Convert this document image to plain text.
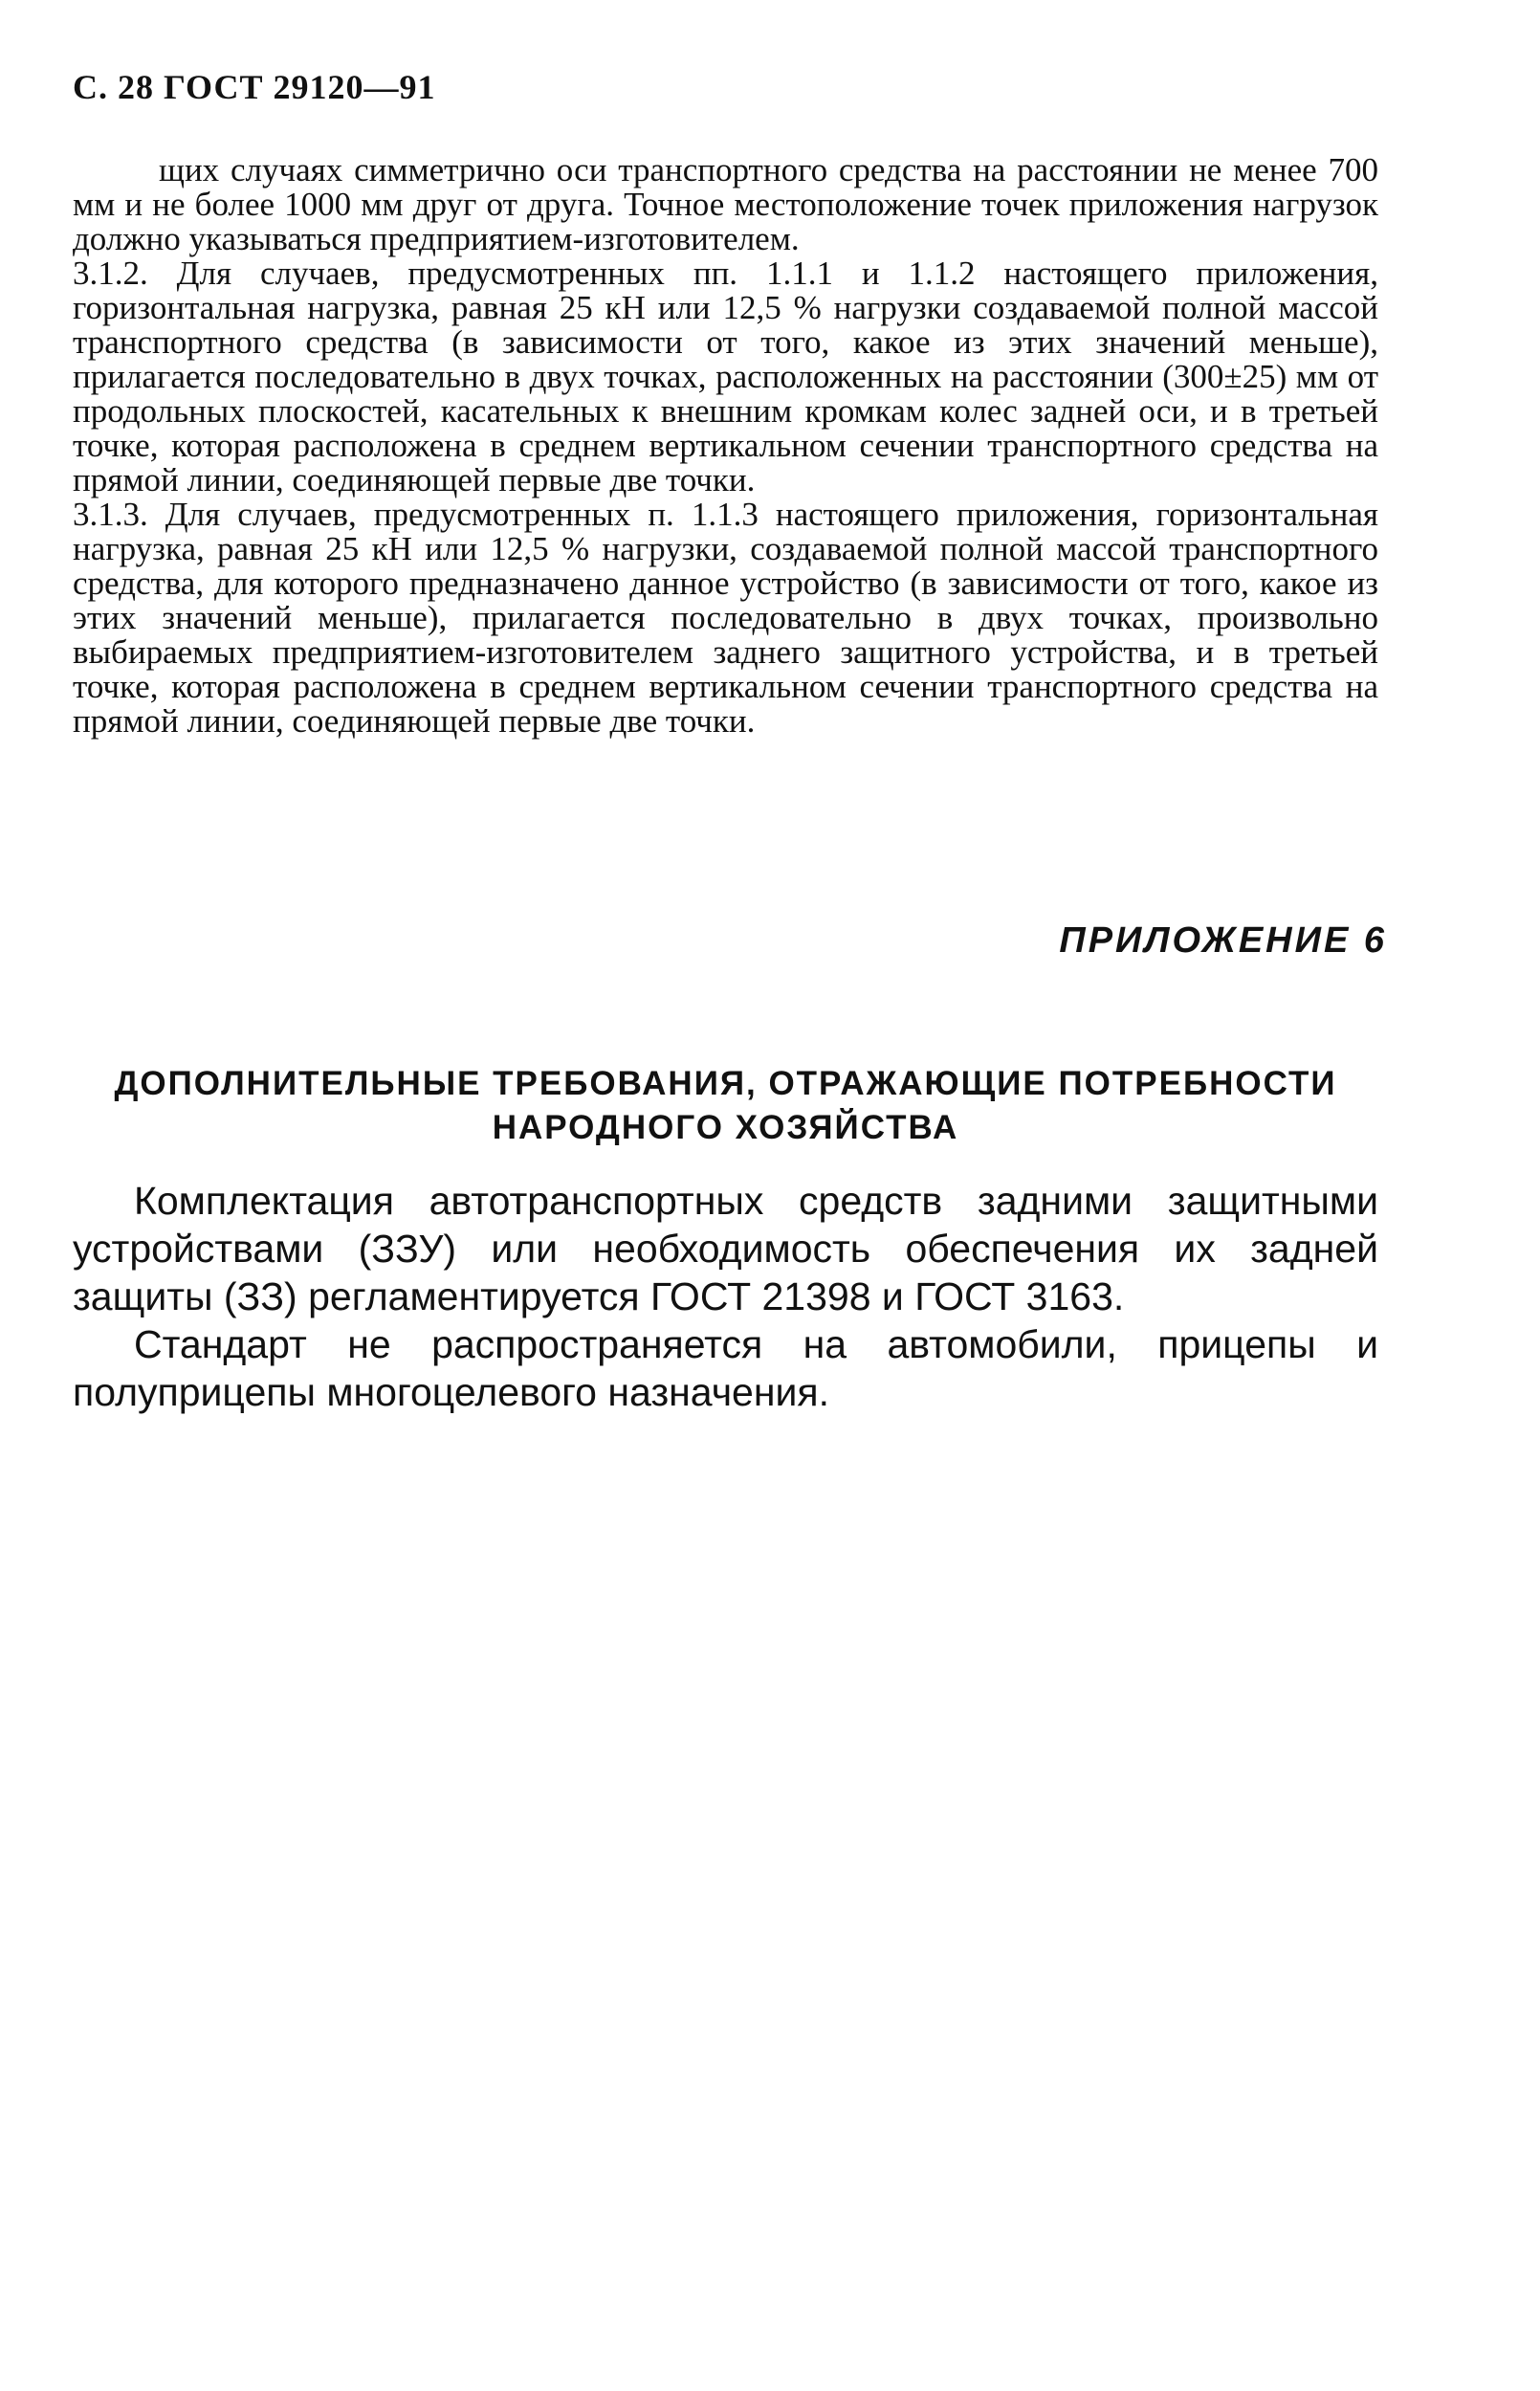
С. 28 ГОСТ 29120—91

щих случаях симметрично оси транспортного средства на расстоянии не менее 700 мм и не более 1000 мм друг от друга. Точное местоположение точек приложения нагрузок должно указываться предприятием-изготовителем.

3.1.2. Для случаев, предусмотренных пп. 1.1.1 и 1.1.2 настоящего приложения, горизонтальная нагрузка, равная 25 кН или 12,5 % нагрузки создаваемой полной массой транспортного средства (в зависимости от того, какое из этих значений меньше), прилагается последовательно в двух точках, расположенных на расстоянии (300±25) мм от продольных плоскостей, касательных к внешним кромкам колес задней оси, и в третьей точке, которая расположена в среднем вертикальном сечении транспортного средства на прямой линии, соединяющей первые две точки.

3.1.3. Для случаев, предусмотренных п. 1.1.3 настоящего приложения, горизонтальная нагрузка, равная 25 кН или 12,5 % нагрузки, создаваемой полной массой транспортного средства, для которого предназначено данное устройство (в зависимости от того, какое из этих значений меньше), прилагается последовательно в двух точках, произвольно выбираемых предприятием-изготовителем заднего защитного устройства, и в третьей точке, которая расположена в среднем вертикальном сечении транспортного средства на прямой линии, соединяющей первые две точки.

ПРИЛОЖЕНИЕ 6
ДОПОЛНИТЕЛЬНЫЕ ТРЕБОВАНИЯ, ОТРАЖАЮЩИЕ ПОТРЕБНОСТИ
НАРОДНОГО ХОЗЯЙСТВА

Комплектация автотранспортных средств задними защитными устройствами (ЗЗУ) или необходимость обеспечения их задней защиты (ЗЗ) регламентируется ГОСТ 21398 и ГОСТ 3163.

Стандарт не распространяется на автомобили, прицепы и полуприцепы многоцелевого назначения.
